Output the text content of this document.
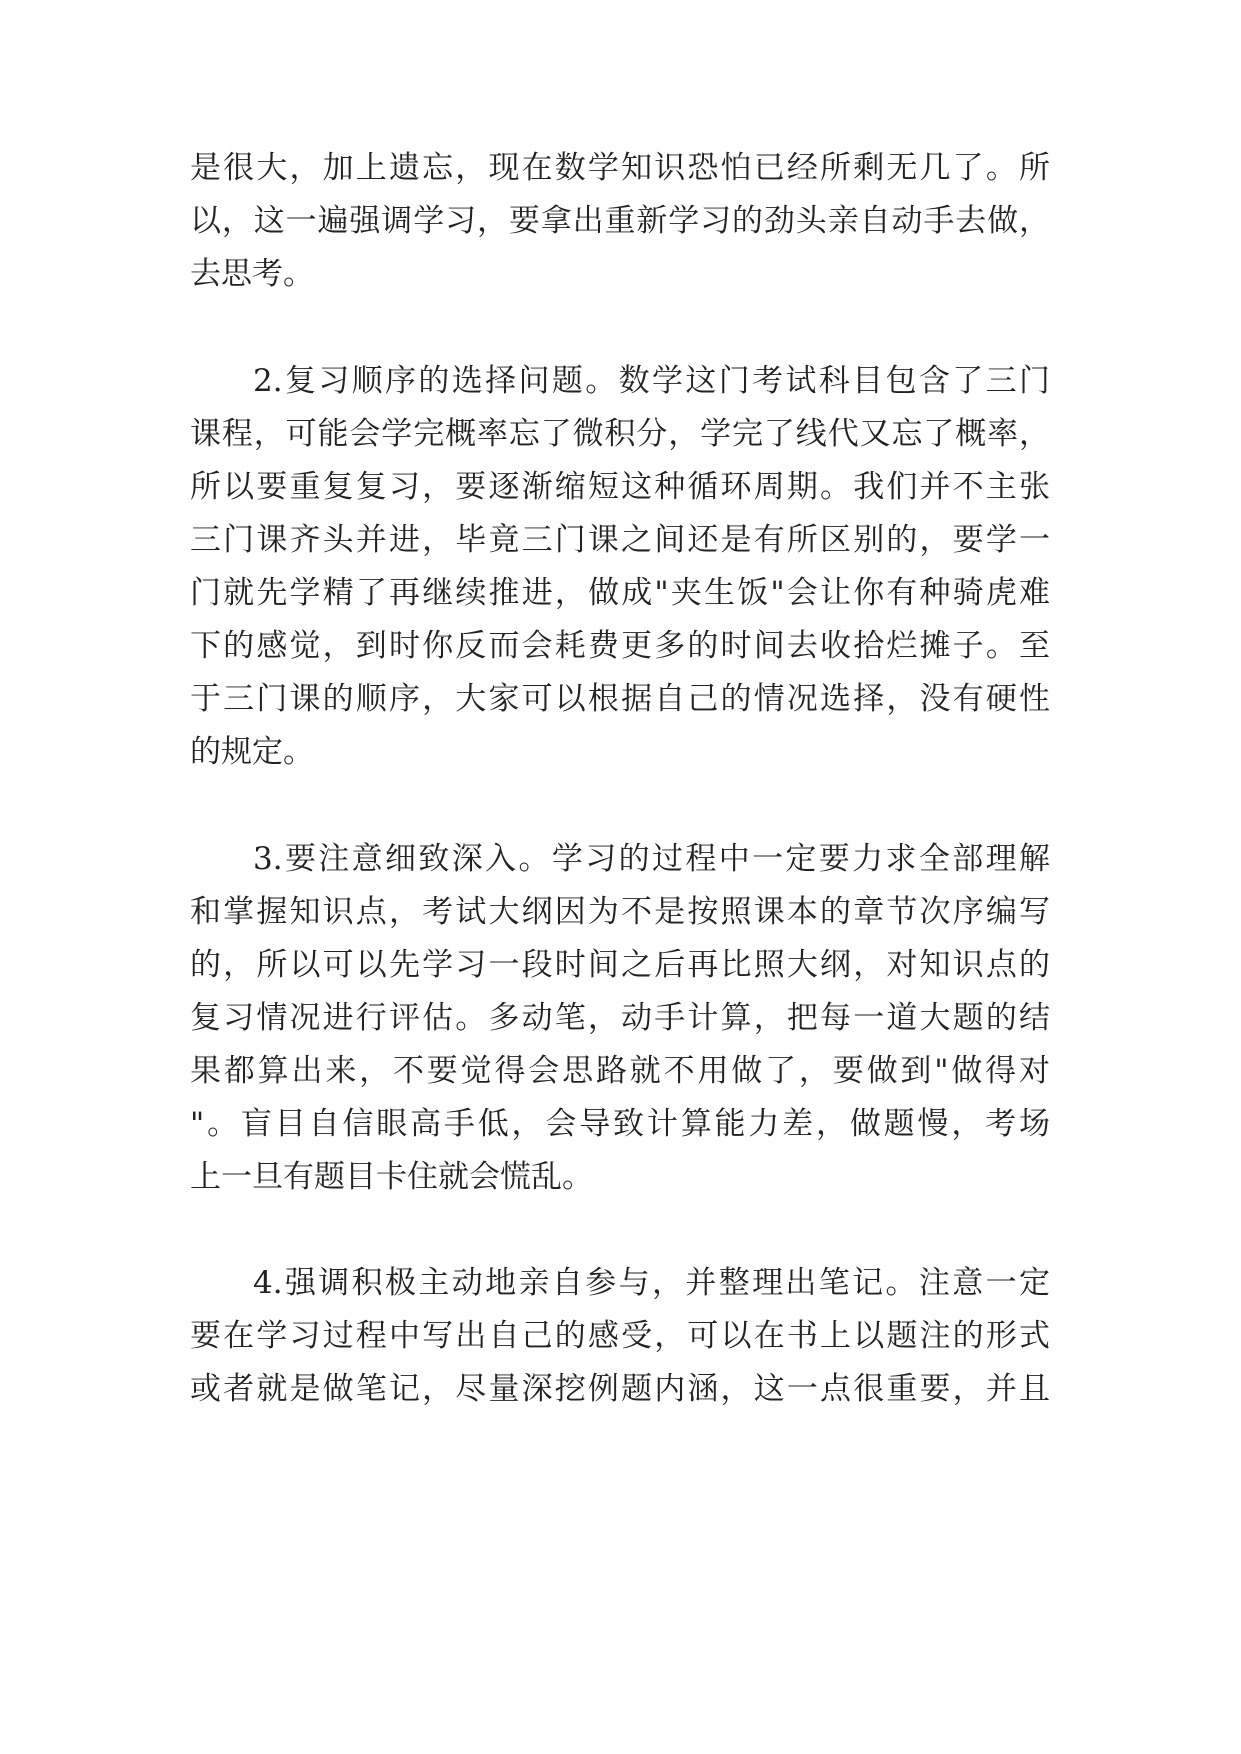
是很大，加上遗忘，现在数学知识恐怕已经所剩无几了。所
以，这一遍强调学习，要拿出重新学习的劲头亲自动手去做，
去思考。
2.复习顺序的选择问题。数学这门考试科目包含了三门
课程，可能会学完概率忘了微积分，学完了线代又忘了概率，
所以要重复复习，要逐渐缩短这种循环周期。我们并不主张
三门课齐头并进，毕竟三门课之间还是有所区别的，要学一
门就先学精了再继续推进，做成"夹生饭"会让你有种骑虎难
下的感觉，到时你反而会耗费更多的时间去收拾烂摊子。至
于三门课的顺序，大家可以根据自己的情况选择，没有硬性
的规定。
3.要注意细致深入。学习的过程中一定要力求全部理解
和掌握知识点，考试大纲因为不是按照课本的章节次序编写
的，所以可以先学习一段时间之后再比照大纲，对知识点的
复习情况进行评估。多动笔，动手计算，把每一道大题的结
果都算出来，不要觉得会思路就不用做了，要做到"做得对
"。盲目自信眼高手低，会导致计算能力差，做题慢，考场
上一旦有题目卡住就会慌乱。
4.强调积极主动地亲自参与，并整理出笔记。注意一定
要在学习过程中写出自己的感受，可以在书上以题注的形式
或者就是做笔记，尽量深挖例题内涵，这一点很重要，并且
